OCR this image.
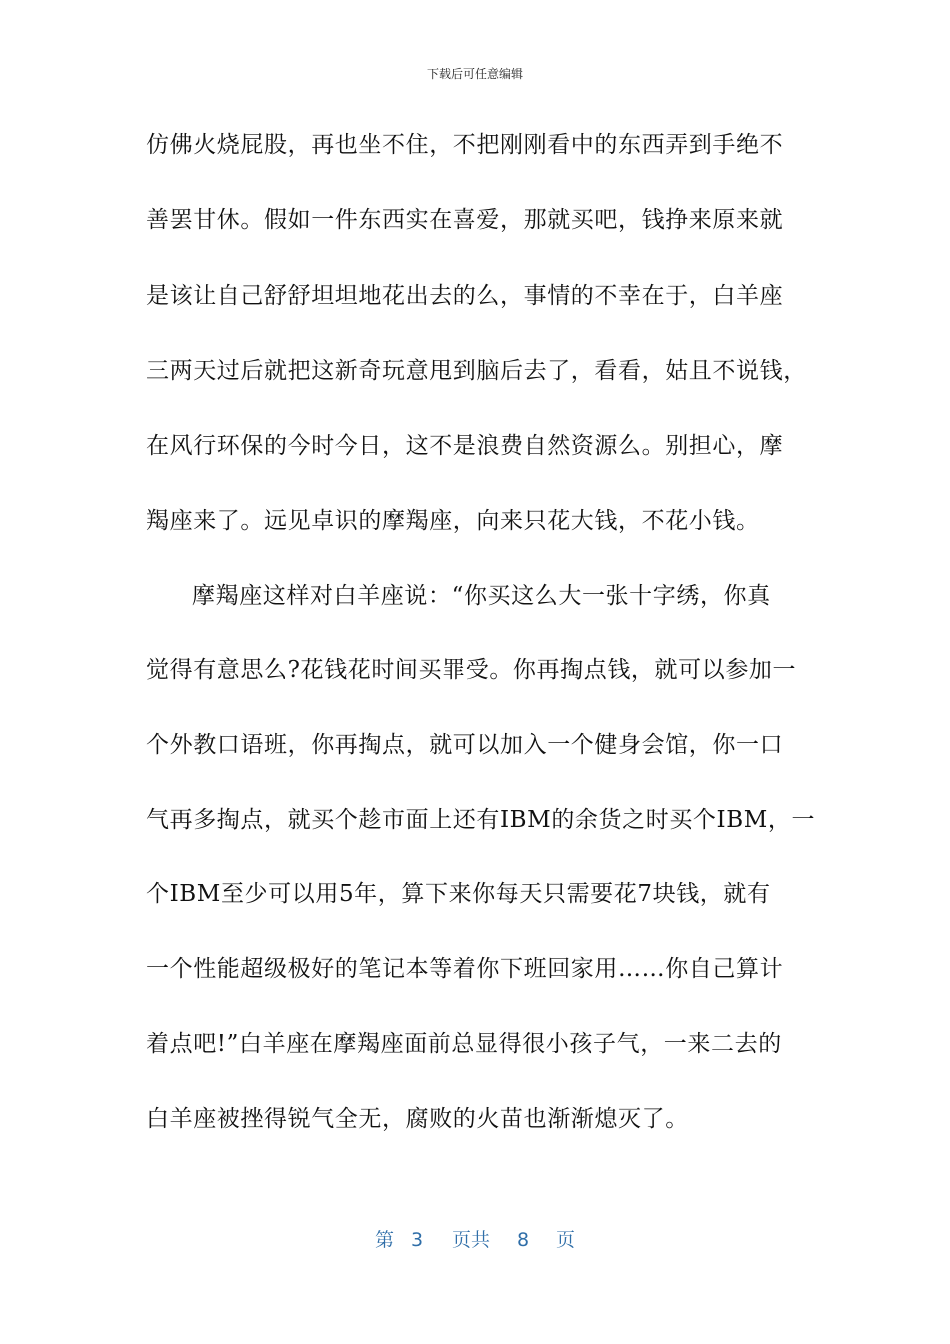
下载后可任意编辑
仿佛火烧屁股，再也坐不住，不把刚刚看中的东西弄到手绝不
善罢甘休。假如一件东西实在喜爱，那就买吧，钱挣来原来就
是该让自己舒舒坦坦地花出去的么，事情的不幸在于，白羊座
三两天过后就把这新奇玩意甩到脑后去了，看看，姑且不说钱，
在风行环保的今时今日，这不是浪费自然资源么。别担心，摩
羯座来了。远见卓识的摩羯座，向来只花大钱，不花小钱。
摩羯座这样对白羊座说：“你买这么大一张十字绣，你真
觉得有意思么?花钱花时间买罪受。你再掏点钱，就可以参加一
个外教口语班，你再掏点，就可以加入一个健身会馆，你一口
气再多掏点，就买个趁市面上还有IBM的余货之时买个IBM，一
个IBM至少可以用5年，算下来你每天只需要花7块钱，就有
一个性能超级极好的笔记本等着你下班回家用……你自己算计
着点吧!”白羊座在摩羯座面前总显得很小孩子气，一来二去的
白羊座被挫得锐气全无，腐败的火苗也渐渐熄灭了。
第 3 页共 8 页
